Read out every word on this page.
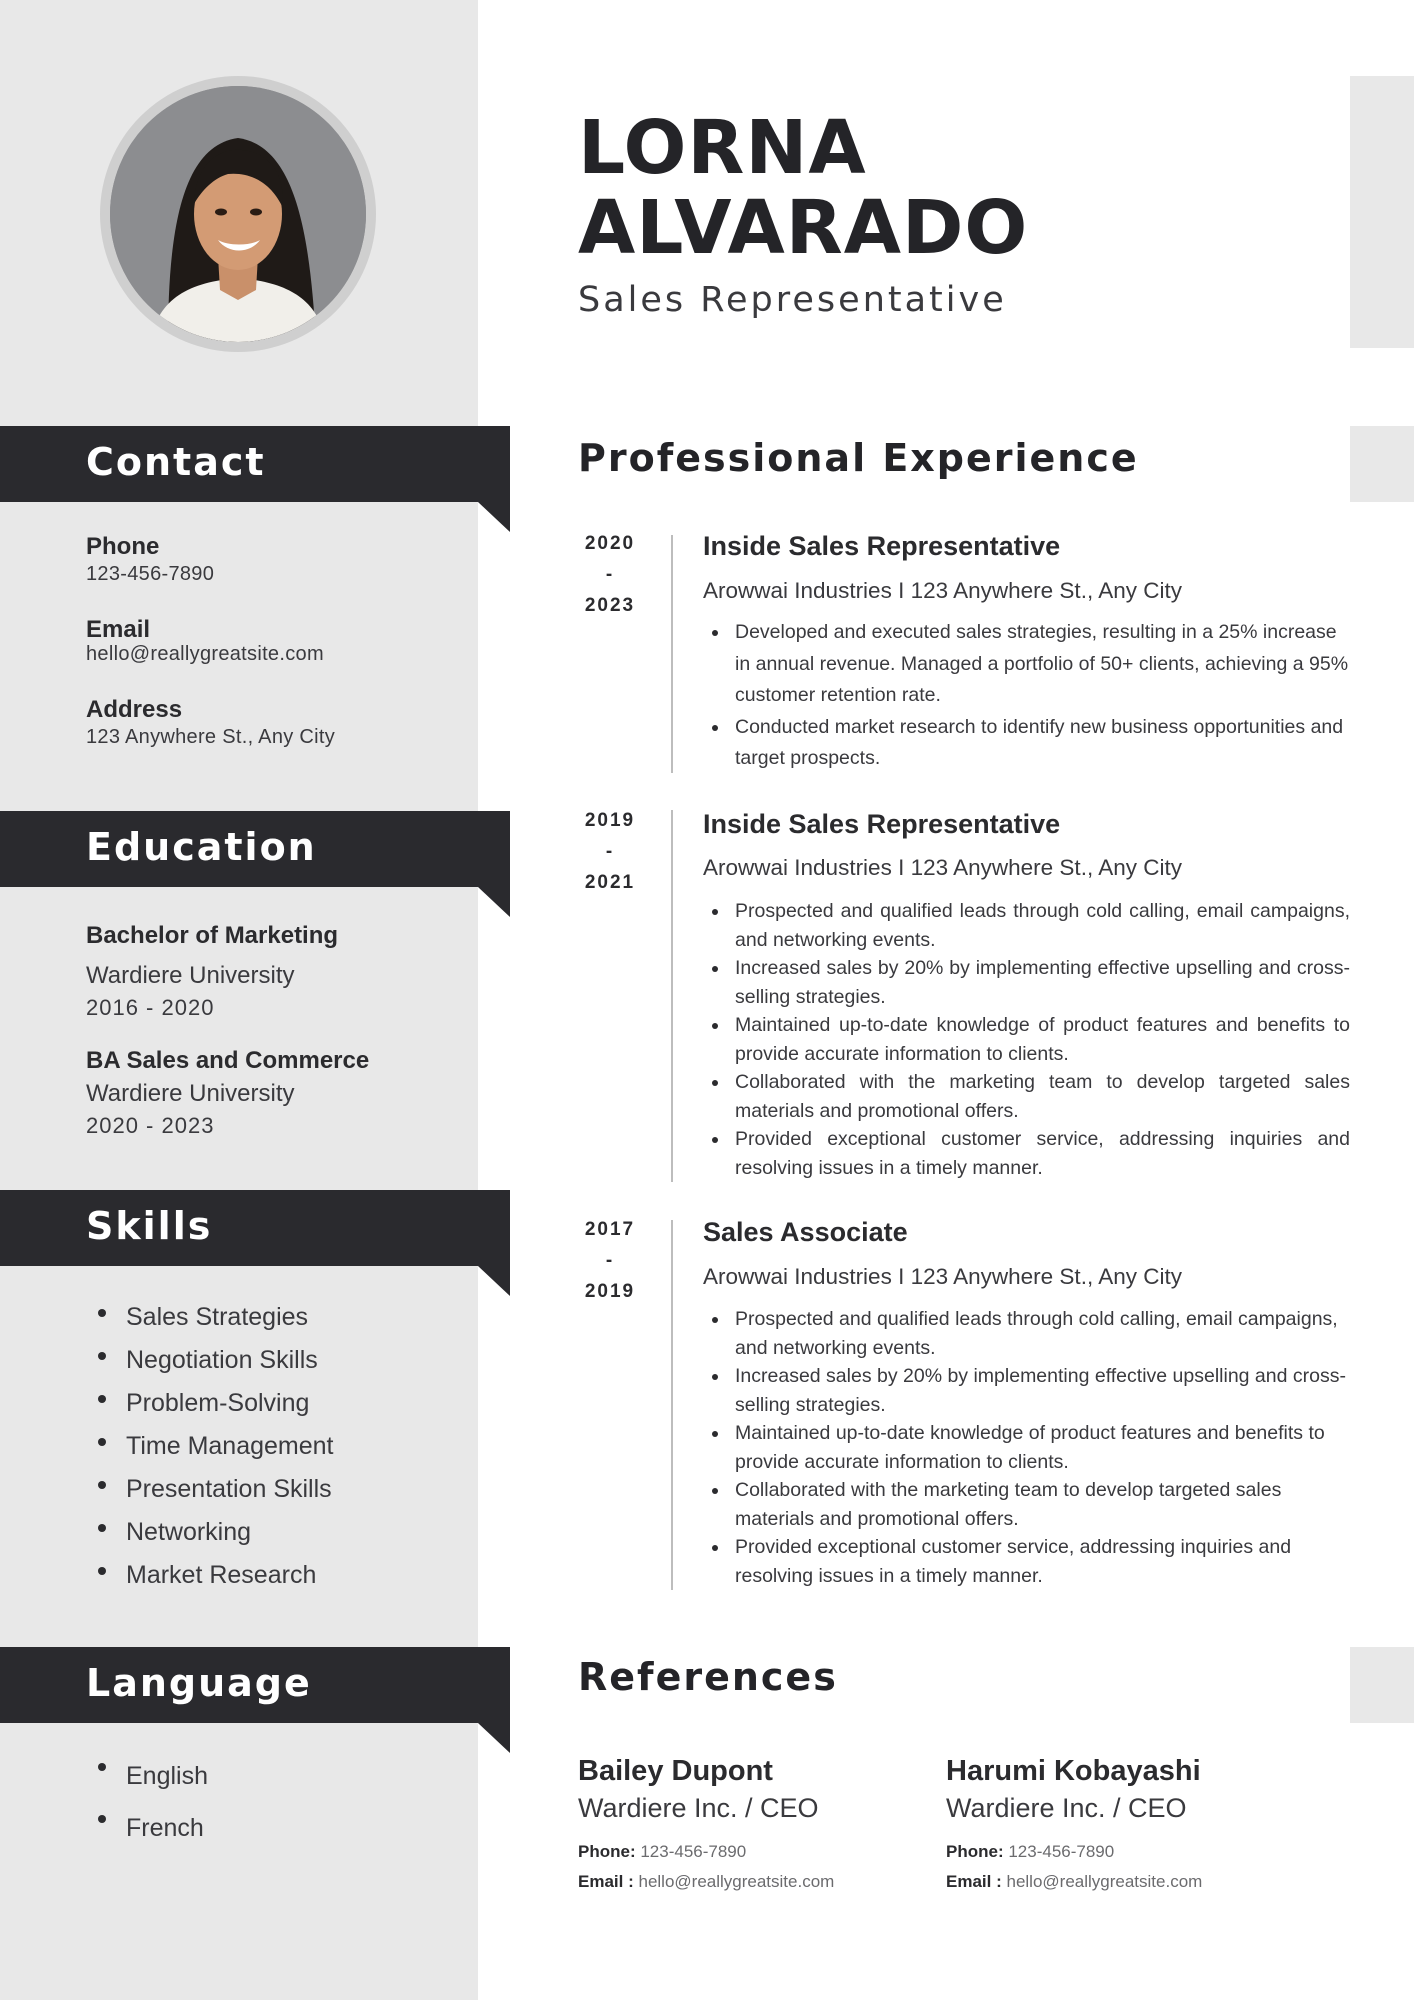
LORNA
ALVARADO
Sales Representative
Contact
Phone
123-456-7890
Email
hello@reallygreatsite.com
Address
123 Anywhere St., Any City
Education
Bachelor of Marketing
Wardiere University
2016 - 2020
BA Sales and Commerce
Wardiere University
2020 - 2023
Skills
Sales Strategies
Negotiation Skills
Problem-Solving
Time Management
Presentation Skills
Networking
Market Research
Language
English
French
Professional Experience
2020
-
2023
Inside Sales Representative
Arowwai Industries I 123 Anywhere St., Any City
Developed and executed sales strategies, resulting in a 25% increase in annual revenue. Managed a portfolio of 50+ clients, achieving a 95% customer retention rate.
Conducted market research to identify new business opportunities and target prospects.
2019
-
2021
Inside Sales Representative
Arowwai Industries I 123 Anywhere St., Any City
Prospected and qualified leads through cold calling, email campaigns, and networking events.
Increased sales by 20% by implementing effective upselling and cross-selling strategies.
Maintained up-to-date knowledge of product features and benefits to provide accurate information to clients.
Collaborated with the marketing team to develop targeted sales materials and promotional offers.
Provided exceptional customer service, addressing inquiries and resolving issues in a timely manner.
2017
-
2019
Sales Associate
Arowwai Industries I 123 Anywhere St., Any City
Prospected and qualified leads through cold calling, email campaigns, and networking events.
Increased sales by 20% by implementing effective upselling and cross-selling strategies.
Maintained up-to-date knowledge of product features and benefits to provide accurate information to clients.
Collaborated with the marketing team to develop targeted sales materials and promotional offers.
Provided exceptional customer service, addressing inquiries and resolving issues in a timely manner.
References
Bailey Dupont
Wardiere Inc. / CEO
Phone: 123-456-7890
Email : hello@reallygreatsite.com
Harumi Kobayashi
Wardiere Inc. / CEO
Phone: 123-456-7890
Email : hello@reallygreatsite.com
